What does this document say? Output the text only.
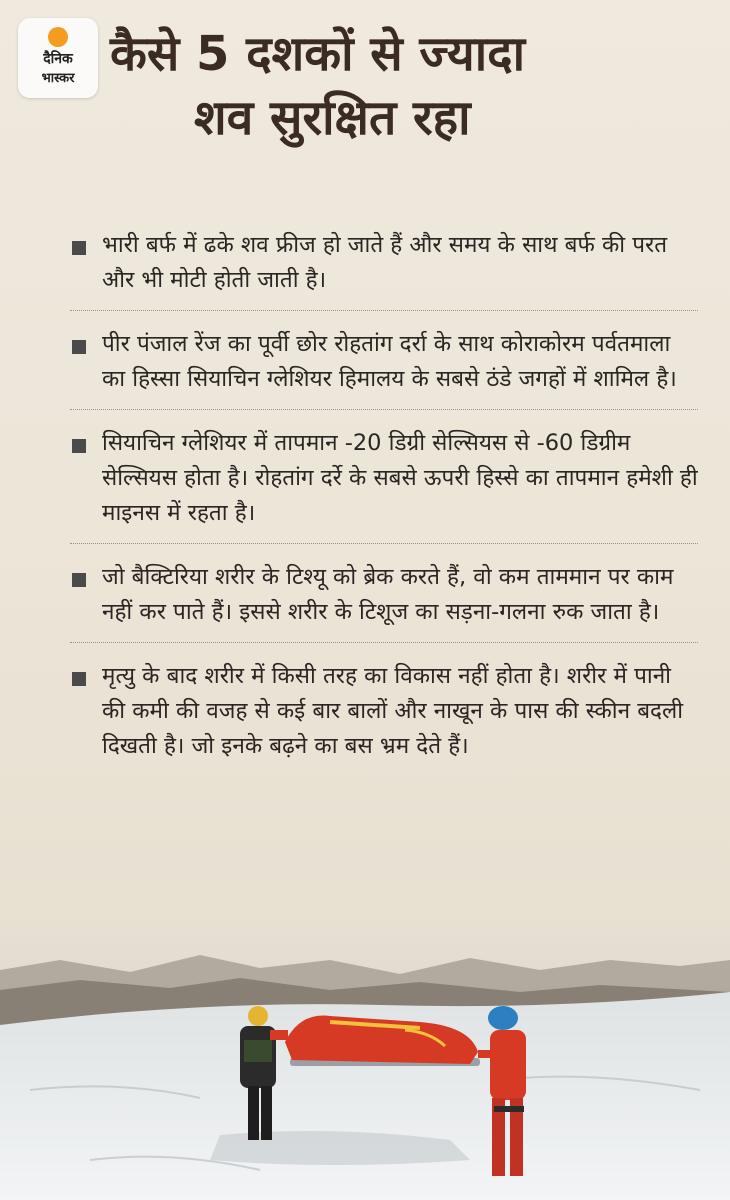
दैनिक
भास्कर कैसे 5 दशकों से ज्यादा
शव सुरक्षित रहा
भारी बर्फ में ढके शव फ्रीज हो जाते हैं और समय के साथ बर्फ की परत और भी मोटी होती जाती है।
पीर पंजाल रेंज का पूर्वी छोर रोहतांग दर्रा के साथ कोराकोरम पर्वतमाला का हिस्सा सियाचिन ग्लेशियर हिमालय के सबसे ठंडे जगहों में शामिल है।
सियाचिन ग्लेशियर में तापमान -20 डिग्री सेल्सियस से -60 डिग्रीम सेल्सियस होता है। रोहतांग दर्रे के सबसे ऊपरी हिस्से का तापमान हमेशी ही माइनस में रहता है।
जो बैक्टिरिया शरीर के टिश्यू को ब्रेक करते हैं, वो कम ताममान पर काम नहीं कर पाते हैं। इससे शरीर के टिशूज का सड़ना-गलना रुक जाता है।
मृत्यु के बाद शरीर में किसी तरह का विकास नहीं होता है। शरीर में पानी की कमी की वजह से कई बार बालों और नाखून के पास की स्कीन बदली दिखती है। जो इनके बढ़ने का बस भ्रम देते हैं।
